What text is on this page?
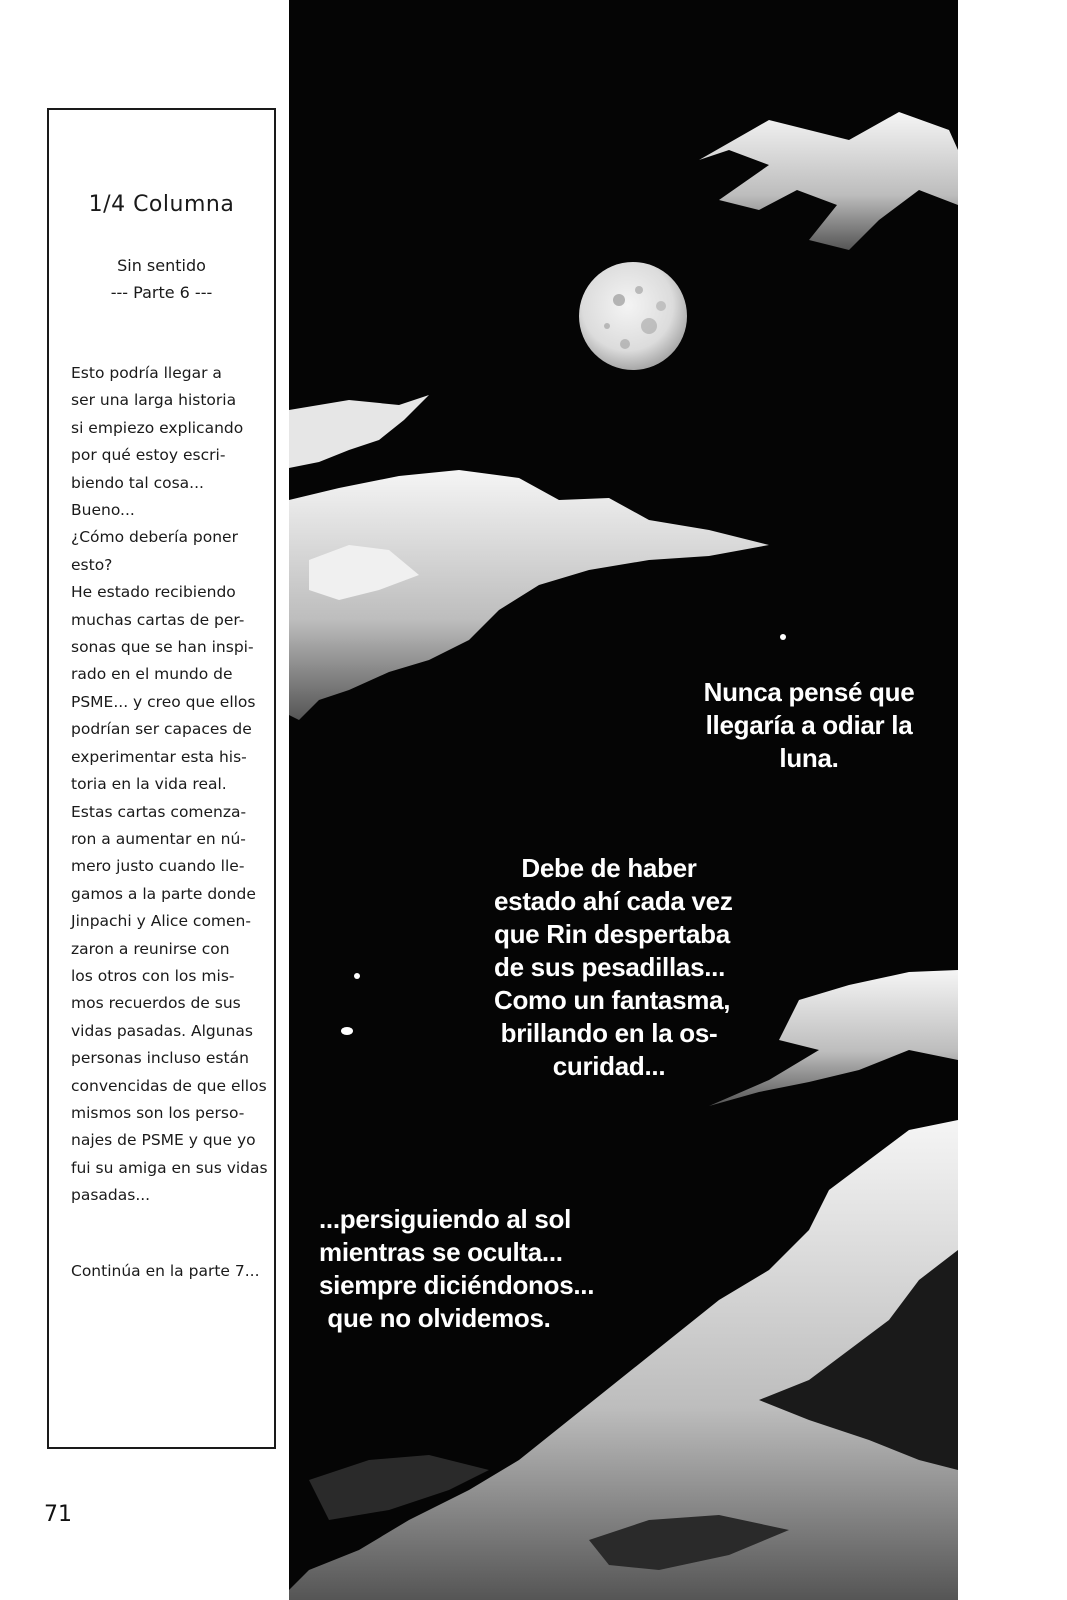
1/4 Columna
Sin sentido
--- Parte 6 ---
Esto podría llegar a
ser una larga historia
si empiezo explicando
por qué estoy escri-
biendo tal cosa...
Bueno...
¿Cómo debería poner
esto?
He estado recibiendo
muchas cartas de per-
sonas que se han inspi-
rado en el mundo de
PSME... y creo que ellos
podrían ser capaces de
experimentar esta his-
toria en la vida real.
Estas cartas comenza-
ron a aumentar en nú-
mero justo cuando lle-
gamos a la parte donde
Jinpachi y Alice comen-
zaron a reunirse con
los otros con los mis-
mos recuerdos de sus
vidas pasadas. Algunas
personas incluso están
convencidas de que ellos
mismos son los perso-
najes de PSME y que yo
fui su amiga en sus vidas
pasadas...
Continúa en la parte 7...
71
Nunca pensé que
llegaría a odiar la
luna.
Debe de haber
estado ahí cada vez
que Rin despertaba
de sus pesadillas...
Como un fantasma,
brillando en la os-
curidad...
...persiguiendo al sol
mientras se oculta...
siempre diciéndonos...
que no olvidemos.
